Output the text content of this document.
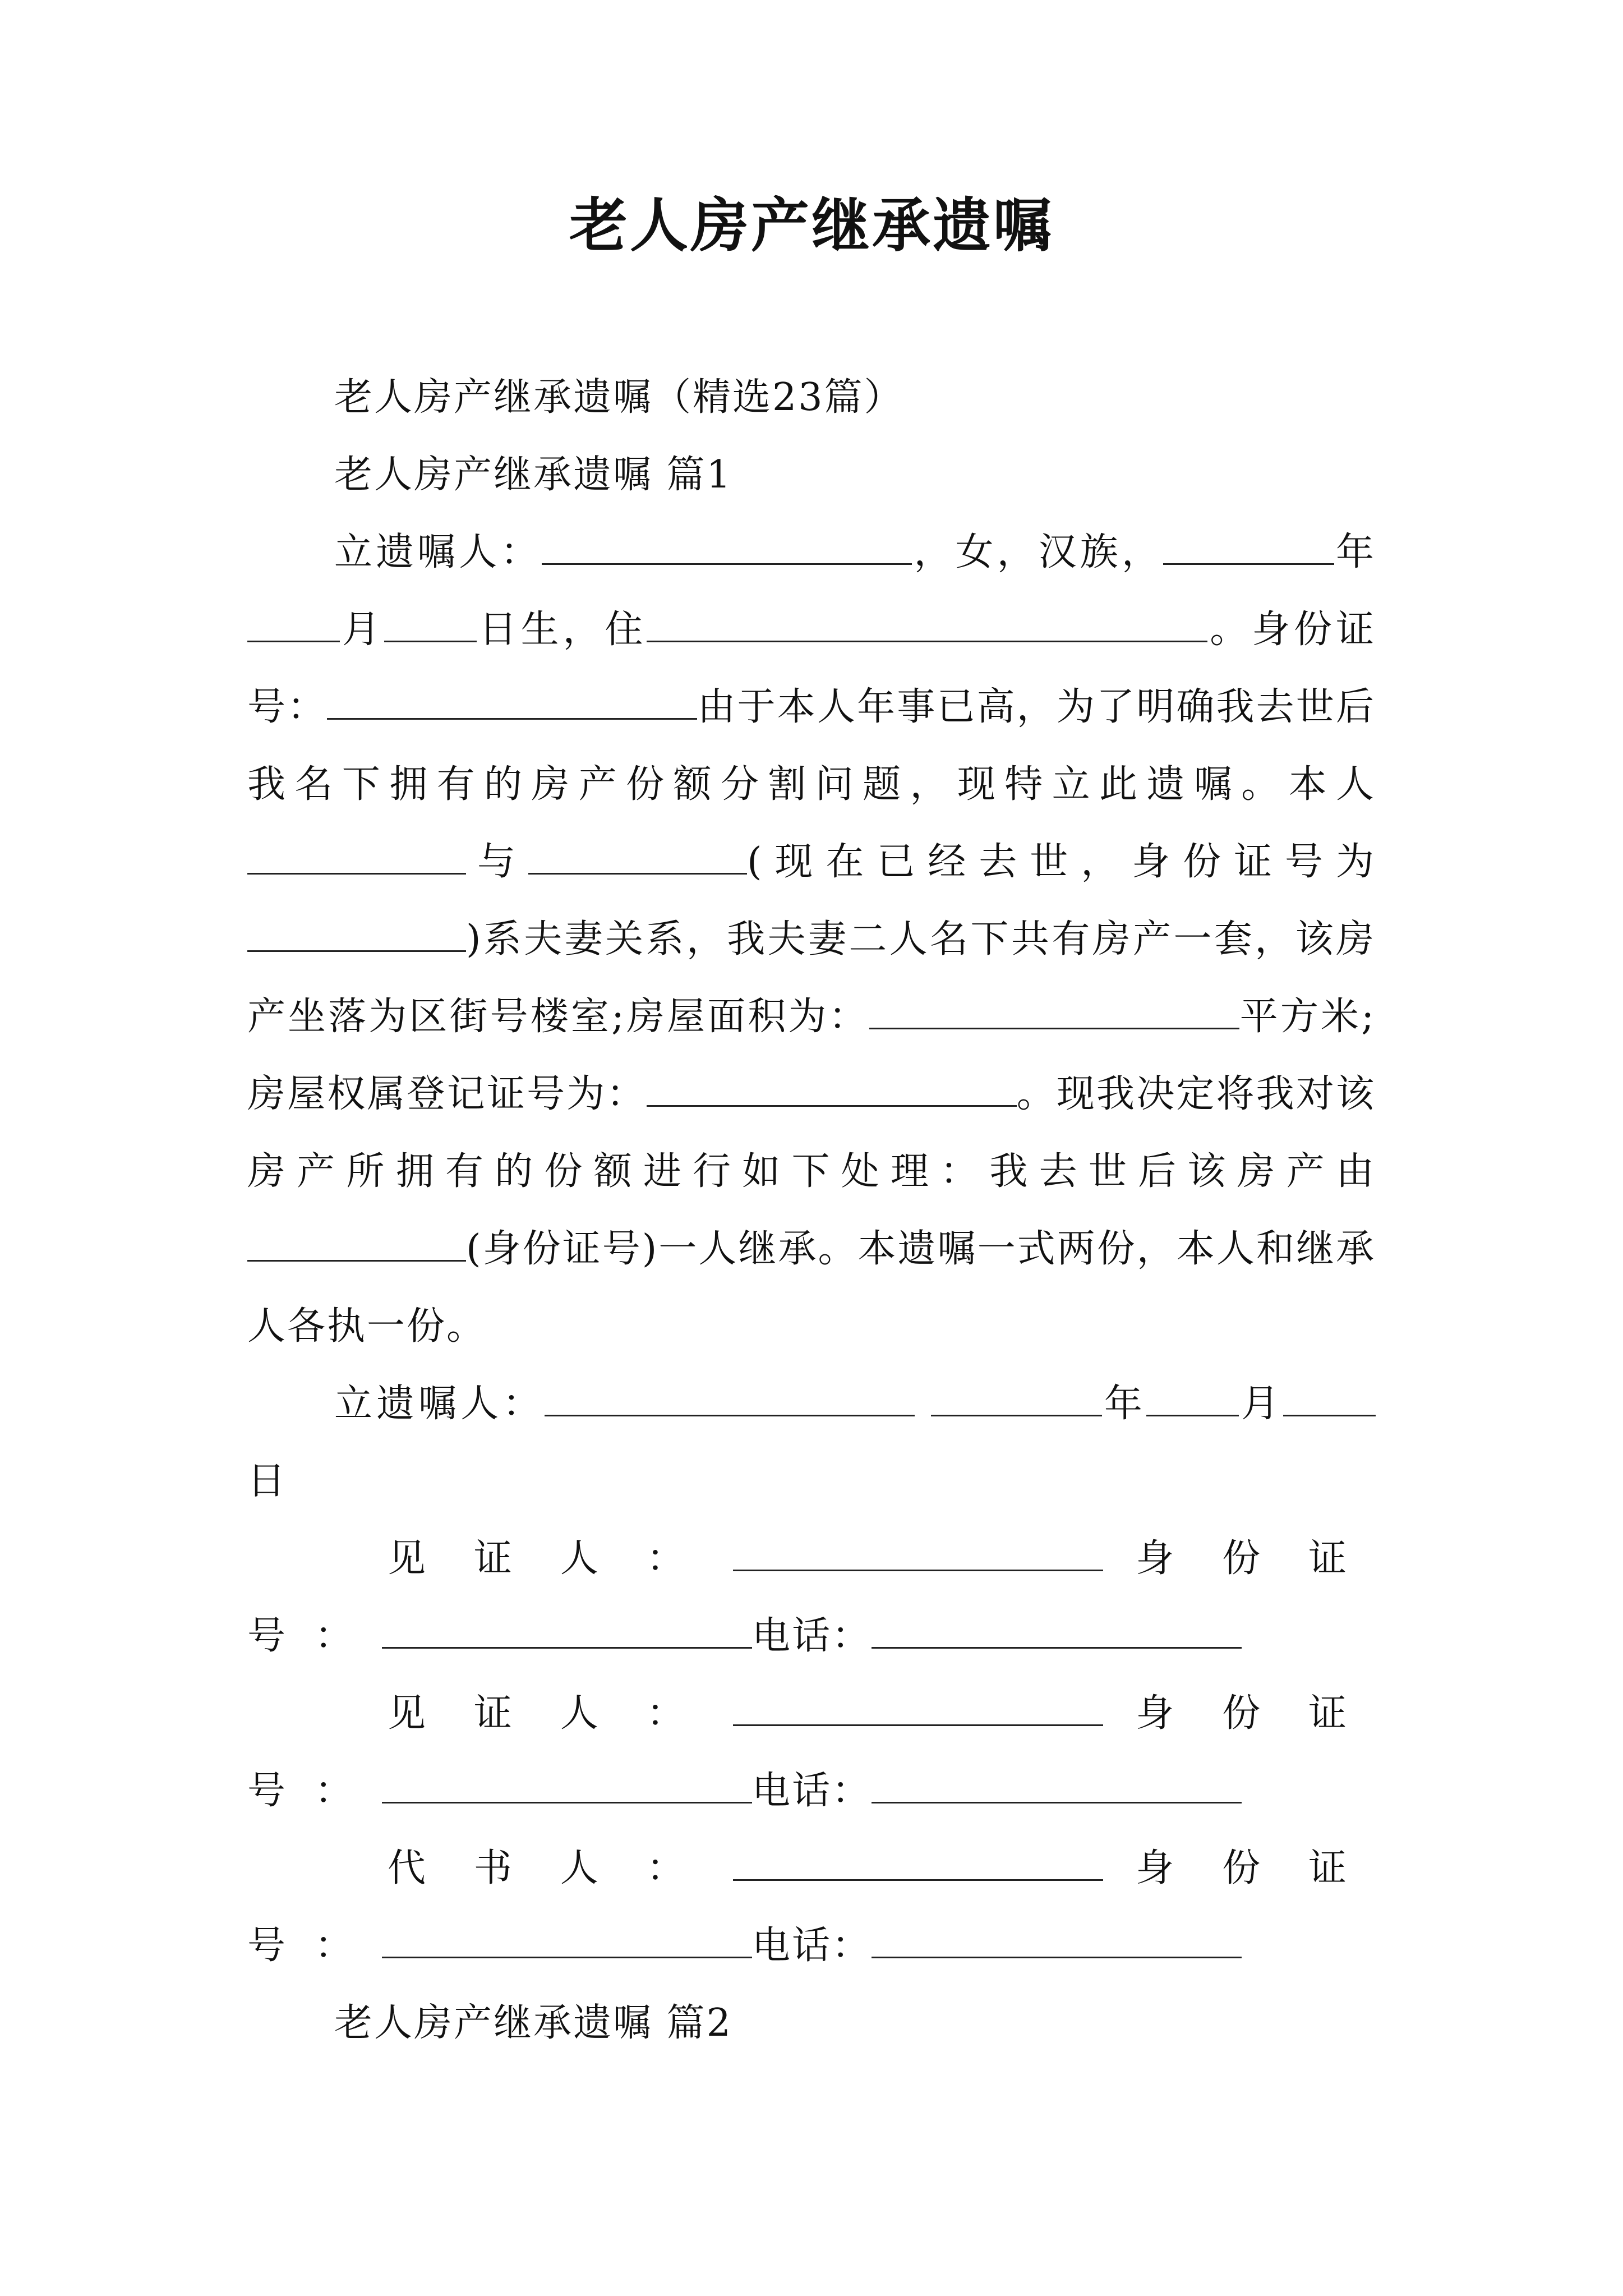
老人房产继承遗嘱
老人房产继承遗嘱（精选23篇）
老人房产继承遗嘱 篇1
立遗嘱人：	，女，汉族，	年月 日生，住	。身份证号：	由于本人年事已高，为了明确我去世后我名下拥有的房产份额分割问题，现特立此遗嘱。本人与	(现在已经去世，身份证号为)系夫妻关系，我夫妻二人名下共有房产一套，该房产坐落为区街号楼室;房屋面积为：	平方米;房屋权属登记证号为：	。现我决定将我对该房产所拥有的份额进行如下处理：我去世后该房产由(身份证号)一人继承。本遗嘱一式两份，本人和继承人各执一份。
立遗嘱人：	年 月日
见证人：	身份证号：	电话：
见证人：	身份证号：	电话：
代书人：	身份证号：	电话：
老人房产继承遗嘱 篇2
